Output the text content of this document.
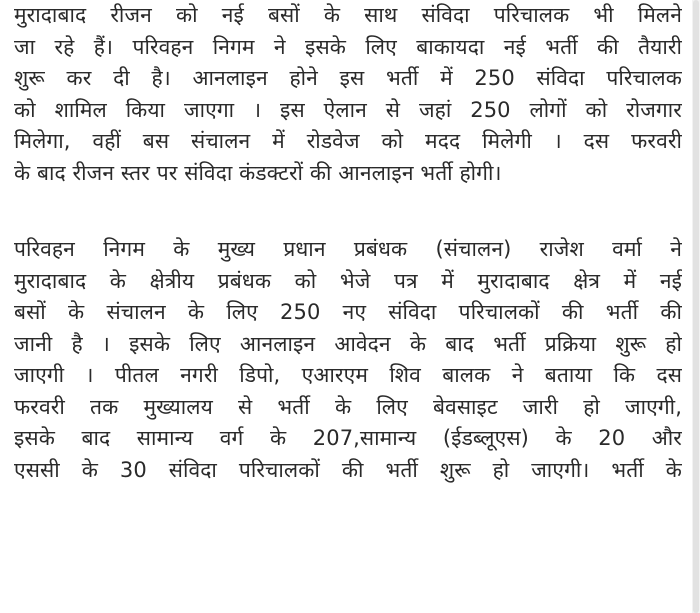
मुरादाबाद रीजन को नई बसों के साथ संविदा परिचालक भी मिलने
जा रहे हैं। परिवहन निगम ने इसके लिए बाकायदा नई भर्ती की तैयारी
शुरू कर दी है। आनलाइन होने इस भर्ती में 250 संविदा परिचालक
को शामिल किया जाएगा । इस ऐलान से जहां 250 लोगों को रोजगार
मिलेगा, वहीं बस संचालन में रोडवेज को मदद मिलेगी । दस फरवरी
के बाद रीजन स्तर पर संविदा कंडक्टरों की आनलाइन भर्ती होगी।
परिवहन निगम के मुख्य प्रधान प्रबंधक (संचालन) राजेश वर्मा ने
मुरादाबाद के क्षेत्रीय प्रबंधक को भेजे पत्र में मुरादाबाद क्षेत्र में नई
बसों के संचालन के लिए 250 नए संविदा परिचालकों की भर्ती की
जानी है । इसके लिए आनलाइन आवेदन के बाद भर्ती प्रक्रिया शुरू हो
जाएगी । पीतल नगरी डिपो, एआरएम शिव बालक ने बताया कि दस
फरवरी तक मुख्यालय से भर्ती के लिए बेवसाइट जारी हो जाएगी,
इसके बाद सामान्य वर्ग के 207,सामान्य (ईडब्लूएस) के 20 और
एससी के 30 संविदा परिचालकों की भर्ती शुरू हो जाएगी। भर्ती के
